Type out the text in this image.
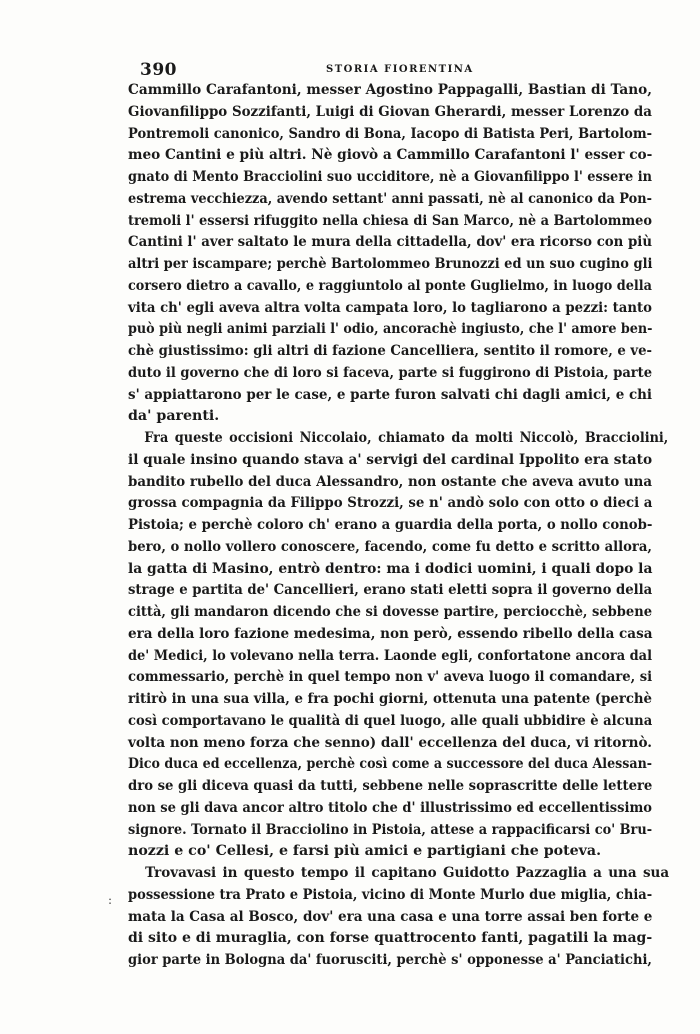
390	STORIA FIORENTINA
:
Cammillo Carafantoni, messer Agostino Pappagalli, Bastian di Tano,
Giovanfilippo Sozzifanti, Luigi di Giovan Gherardi, messer Lorenzo da
Pontremoli canonico, Sandro di Bona, Iacopo di Batista Peri, Bartolom-
meo Cantini e più altri. Nè giovò a Cammillo Carafantoni l' esser co-
gnato di Mento Bracciolini suo ucciditore, nè a Giovanfilippo l' essere in
estrema vecchiezza, avendo settant' anni passati, nè al canonico da Pon-
tremoli l' essersi rifuggito nella chiesa di San Marco, nè a Bartolommeo
Cantini l' aver saltato le mura della cittadella, dov' era ricorso con più
altri per iscampare; perchè Bartolommeo Brunozzi ed un suo cugino gli
corsero dietro a cavallo, e raggiuntolo al ponte Guglielmo, in luogo della
vita ch' egli aveva altra volta campata loro, lo tagliarono a pezzi: tanto
può più negli animi parziali l' odio, ancorachè ingiusto, che l' amore ben-
chè giustissimo: gli altri di fazione Cancelliera, sentito il romore, e ve-
duto il governo che di loro si faceva, parte si fuggirono di Pistoia, parte
s' appiattarono per le case, e parte furon salvati chi dagli amici, e chi
da' parenti.
Fra queste occisioni Niccolaio, chiamato da molti Niccolò, Bracciolini,
il quale insino quando stava a' servigi del cardinal Ippolito era stato
bandito rubello del duca Alessandro, non ostante che aveva avuto una
grossa compagnia da Filippo Strozzi, se n' andò solo con otto o dieci a
Pistoia; e perchè coloro ch' erano a guardia della porta, o nollo conob-
bero, o nollo vollero conoscere, facendo, come fu detto e scritto allora,
la gatta di Masino, entrò dentro: ma i dodici uomini, i quali dopo la
strage e partita de' Cancellieri, erano stati eletti sopra il governo della
città, gli mandaron dicendo che si dovesse partire, perciocchè, sebbene
era della loro fazione medesima, non però, essendo ribello della casa
de' Medici, lo volevano nella terra. Laonde egli, confortatone ancora dal
commessario, perchè in quel tempo non v' aveva luogo il comandare, si
ritirò in una sua villa, e fra pochi giorni, ottenuta una patente (perchè
così comportavano le qualità di quel luogo, alle quali ubbidire è alcuna
volta non meno forza che senno) dall' eccellenza del duca, vi ritornò.
Dico duca ed eccellenza, perchè così come a successore del duca Alessan-
dro se gli diceva quasi da tutti, sebbene nelle soprascritte delle lettere
non se gli dava ancor altro titolo che d' illustrissimo ed eccellentissimo
signore. Tornato il Bracciolino in Pistoia, attese a rappacificarsi co' Bru-
nozzi e co' Cellesi, e farsi più amici e partigiani che poteva.
Trovavasi in questo tempo il capitano Guidotto Pazzaglia a una sua
possessione tra Prato e Pistoia, vicino di Monte Murlo due miglia, chia-
mata la Casa al Bosco, dov' era una casa e una torre assai ben forte e
di sito e di muraglia, con forse quattrocento fanti, pagatili la mag-
gior parte in Bologna da' fuorusciti, perchè s' opponesse a' Panciatichi,
